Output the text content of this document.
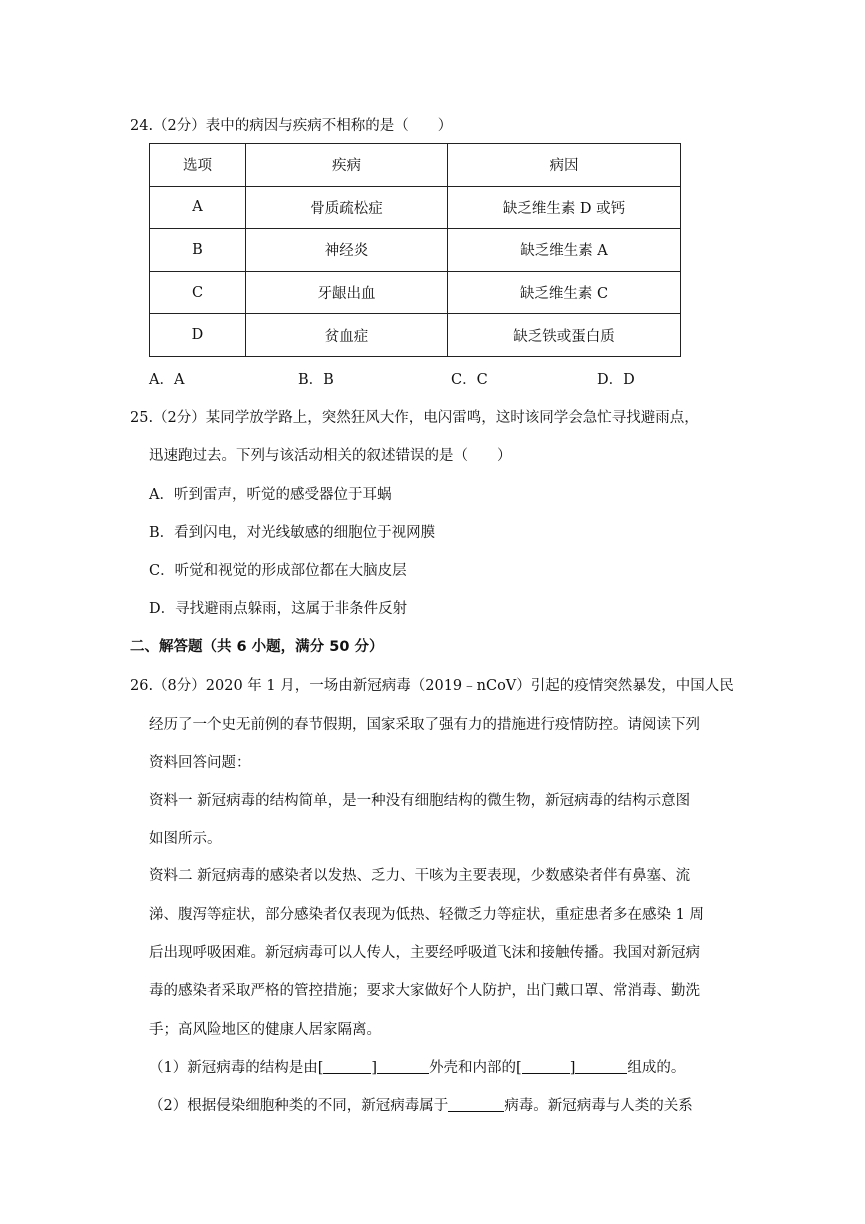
24.（2分）表中的病因与疾病不相称的是（　　）
选项	疾病	病因
A	骨质疏松症	缺乏维生素 D 或钙
B	神经炎	缺乏维生素 A
C	牙龈出血	缺乏维生素 C
D	贫血症	缺乏铁或蛋白质
A．A	B．B	C．C	D．D
25.（2分）某同学放学路上，突然狂风大作，电闪雷鸣，这时该同学会急忙寻找避雨点，
迅速跑过去。下列与该活动相关的叙述错误的是（　　）
A．听到雷声，听觉的感受器位于耳蜗
B．看到闪电，对光线敏感的细胞位于视网膜
C．听觉和视觉的形成部位都在大脑皮层
D．寻找避雨点躲雨，这属于非条件反射
二、解答题（共 6 小题，满分 50 分）
26.（8分）2020 年 1 月，一场由新冠病毒（2019﹣nCoV）引起的疫情突然暴发，中国人民
经历了一个史无前例的春节假期，国家采取了强有力的措施进行疫情防控。请阅读下列
资料回答问题：
资料一 新冠病毒的结构简单，是一种没有细胞结构的微生物，新冠病毒的结构示意图
如图所示。
资料二 新冠病毒的感染者以发热、乏力、干咳为主要表现，少数感染者伴有鼻塞、流
涕、腹泻等症状，部分感染者仅表现为低热、轻微乏力等症状，重症患者多在感染 1 周
后出现呼吸困难。新冠病毒可以人传人，主要经呼吸道飞沫和接触传播。我国对新冠病
毒的感染者采取严格的管控措施；要求大家做好个人防护，出门戴口罩、常消毒、勤洗
手；高风险地区的健康人居家隔离。
（1）新冠病毒的结构是由[	]	外壳和内部的[	]	组成的。
（2）根据侵染细胞种类的不同，新冠病毒属于	病毒。新冠病毒与人类的关系
